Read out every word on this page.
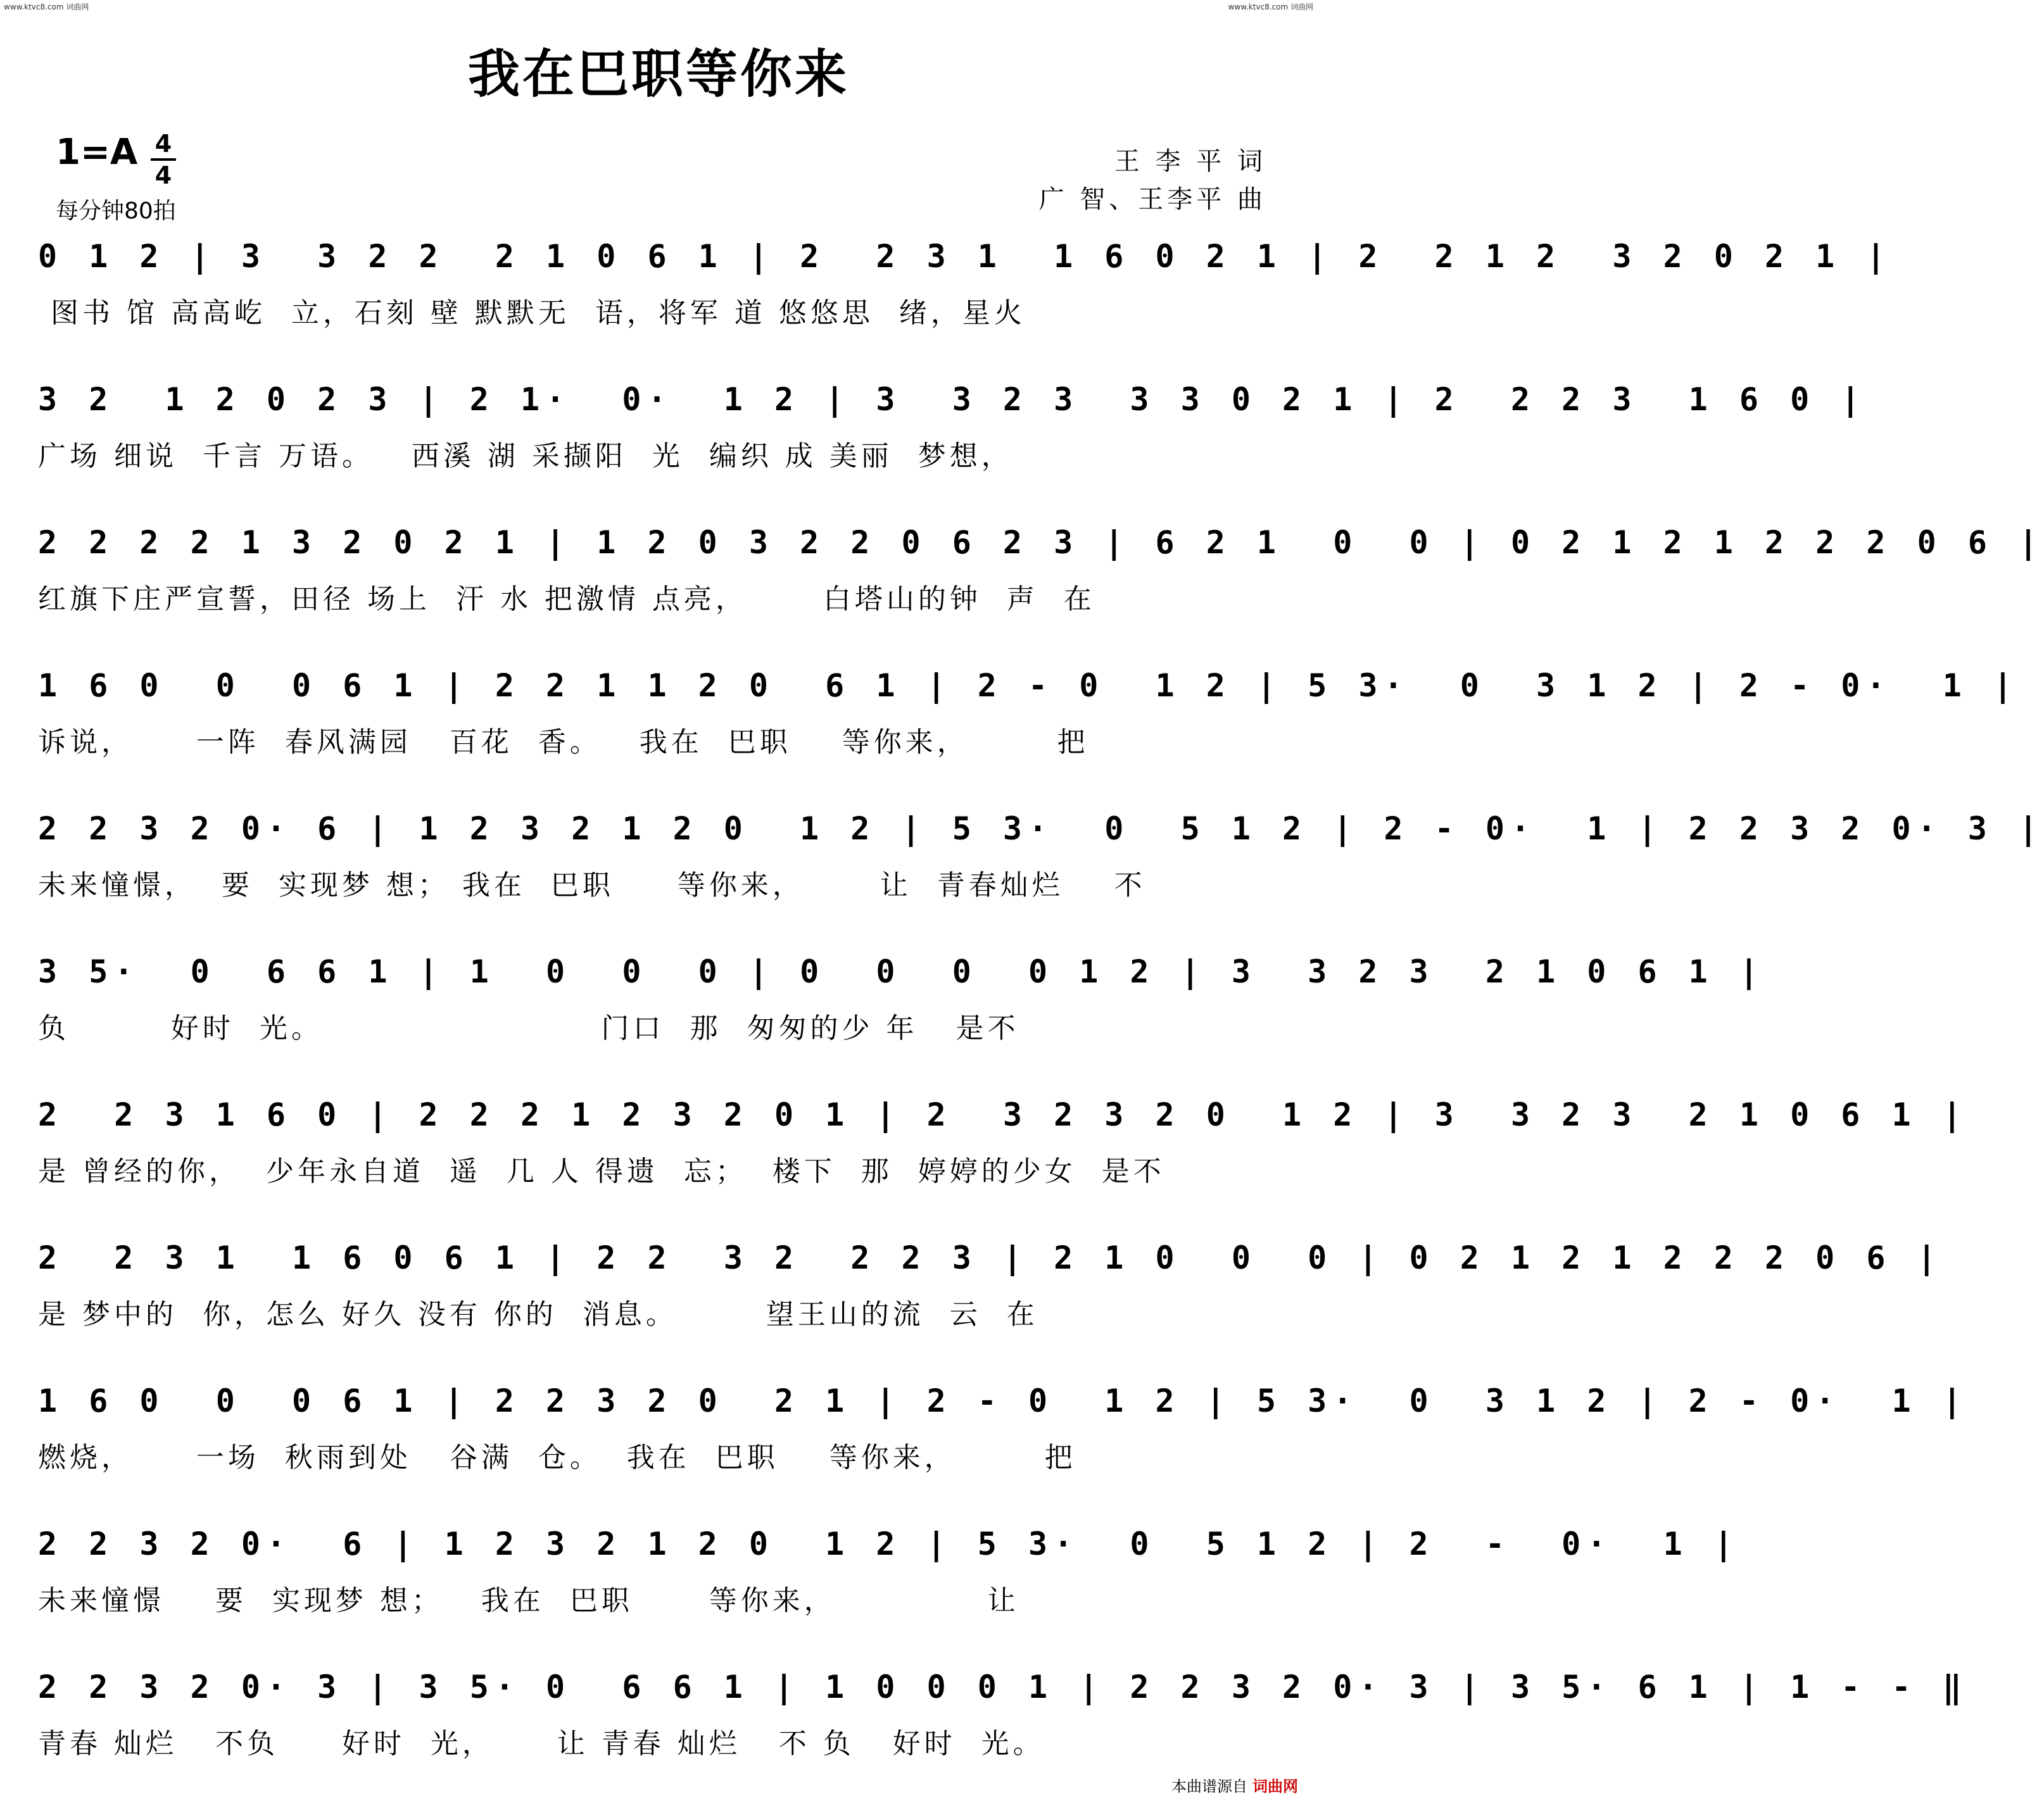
www.ktvc8.com 词曲网	www.ktvc8.com 词曲网
我在巴职等你来
1=A 4
4
每分钟80拍
王 李 平 词
广 智、王李平 曲
0 1 2 | 3  3 2 2  2 1 0 6 1 | 2  2 3 1  1 6 0 2 1 | 2  2 1 2  3 2 0 2 1 |
图书 馆 高高屹  立，石刻 壁 默默无  语，将军 道 悠悠思  绪，星火
3 2  1 2 0 2 3 | 2 1·  0·  1 2 | 3  3 2 3  3 3 0 2 1 | 2  2 2 3  1 6 0 |
广场 细说  千言 万语。   西溪 湖 采撷阳  光  编织 成 美丽  梦想，
2 2 2 2 1 3 2 0 2 1 | 1 2 0 3 2 2 0 6 2 3 | 6 2 1  0  0 | 0 2 1 2 1 2 2 2 0 6 |
红旗下庄严宣誓，田径 场上  汗 水 把激情 点亮，      白塔山的钟  声  在
1 6 0  0  0 6 1 | 2 2 1 1 2 0  6 1 | 2 - 0  1 2 | 5 3·  0  3 1 2 | 2 - 0·  1 |
诉说，     一阵  春风满园   百花  香。   我在  巴职    等你来，       把
2 2 3 2 0· 6 | 1 2 3 2 1 2 0  1 2 | 5 3·  0  5 1 2 | 2 - 0·  1 | 2 2 3 2 0· 3 |
未来憧憬，  要  实现梦 想； 我在  巴职     等你来，      让  青春灿烂    不
3 5·  0  6 6 1 | 1  0  0  0 | 0  0  0  0 1 2 | 3  3 2 3  2 1 0 6 1 |
负        好时  光。                      门口  那  匆匆的少 年   是不
2  2 3 1 6 0 | 2 2 2 1 2 3 2 0 1 | 2  3 2 3 2 0  1 2 | 3  3 2 3  2 1 0 6 1 |
是 曾经的你，  少年永自道  遥  几 人 得遗  忘；  楼下  那  婷婷的少女  是不
2  2 3 1  1 6 0 6 1 | 2 2  3 2  2 2 3 | 2 1 0  0  0 | 0 2 1 2 1 2 2 2 0 6 |
是 梦中的  你，怎么 好久 没有 你的  消息。       望王山的流  云  在
1 6 0  0  0 6 1 | 2 2 3 2 0  2 1 | 2 - 0  1 2 | 5 3·  0  3 1 2 | 2 - 0·  1 |
燃烧，     一场  秋雨到处   谷满  仓。  我在  巴职    等你来，       把
2 2 3 2 0·  6 | 1 2 3 2 1 2 0  1 2 | 5 3·  0  5 1 2 | 2  -  0·  1 |
未来憧憬    要  实现梦 想；   我在  巴职      等你来，            让
2 2 3 2 0· 3 | 3 5· 0  6 6 1 | 1 0 0 0 1 | 2 2 3 2 0· 3 | 3 5· 6 1 | 1 - - ‖
青春 灿烂   不负     好时  光，     让 青春 灿烂   不 负   好时  光。
本曲谱源自 词曲网
